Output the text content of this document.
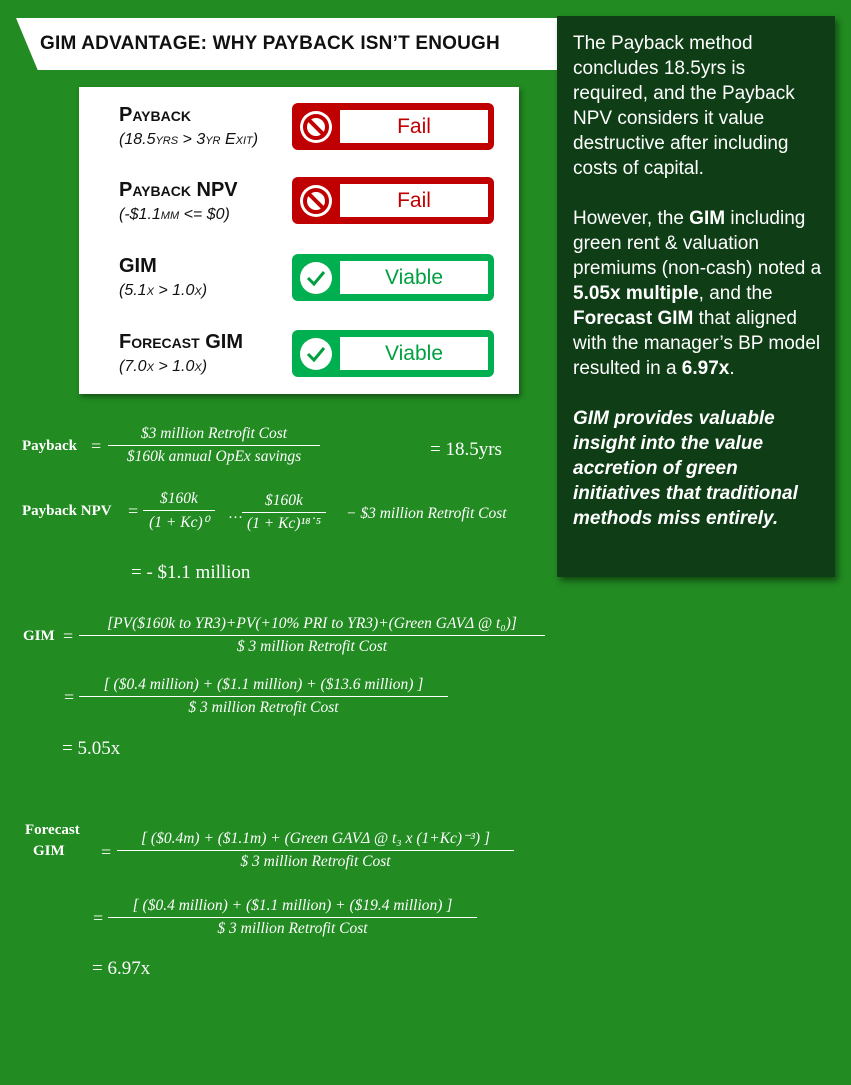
GIM ADVANTAGE: WHY PAYBACK ISN’T ENOUGH
Payback
(18.5yrs > 3yr Exit)
Fail
Payback NPV
(-$1.1mm <= $0)
Fail
GIM
(5.1x > 1.0x)
Viable
Forecast GIM
(7.0x > 1.0x)
Viable

The Payback method concludes 18.5yrs is required, and the Payback NPV considers it value destructive after including costs of capital.

However, the GIM including green rent & valuation premiums (non-cash) noted a 5.05x multiple, and the Forecast GIM that aligned with the manager’s BP model resulted in a 6.97x.

GIM provides valuable insight into the value accretion of green initiatives that traditional methods miss entirely.

Payback =
$3 million Retrofit Cost
$160k annual OpEx savings	= 18.5yrs
Payback NPV = $\frac{\$160k}{\text{(1 + Kc)⁰}}$ … $\frac{\$160k}{\text{(1 + Kc)¹⁸˙⁵}}$ − $3 million Retrofit Cost
= - $1.1 million
GIM =
[PV($160k to YR3)+PV(+10% PRI to YR3)+(Green GAVΔ @ t₀)]
$ 3 million Retrofit Cost
=
[ ($0.4 million) + ($1.1 million) + ($13.6 million) ]
$ 3 million Retrofit Cost
= 5.05x
Forecast
GIM =
[ ($0.4m) + ($1.1m) + (Green GAVΔ @ t₃ x (1+Kc)⁻³) ]
$ 3 million Retrofit Cost
=
[ ($0.4 million) + ($1.1 million) + ($19.4 million) ]
$ 3 million Retrofit Cost
= 6.97x
